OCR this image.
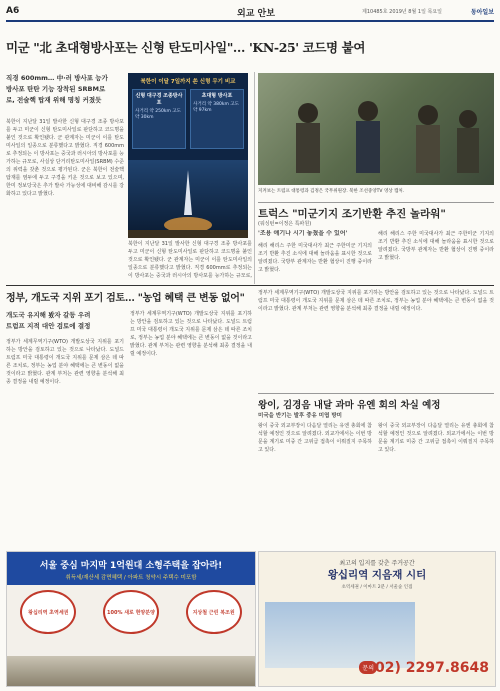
A6	외교 안보	제10485호 2019년 8월 1일 목요일	동아일보
미군 "北 초대형방사포는 신형 탄도미사일"… 'KN-25' 코드명 붙여
직경 600mm… 中·러 방사포 능가
방사포 탄탄 기능 장착된 SRBM로
로, 전술핵 탑재 위해 명칭 커졌듯
북한이 지난달 31일 발사한 신형 대구경 조종 방사포를 두고 미군이 신형 탄도미사일로 판단하고 코드명을 붙인 것으로 확인됐다. 군 관계자는 미군이 이를 탄도미사일의 일종으로 분류했다고 밝혔다. 직경 600mm로 추정되는 이 방사포는 중국과 러시아의 방사포를 능가하는 규모로, 사실상 단거리탄도미사일(SRBM) 수준의 위력을 갖춘 것으로 평가된다. 군은 북한이 전술핵 탑재를 염두에 두고 구경을 키운 것으로 보고 있으며, 한미 정보당국은 추가 발사 가능성에 대비해 감시를 강화하고 있다고 밝혔다.
북한이 지난달 31일 발사한 신형 대구경 조종 방사포를 두고 미군이 신형 탄도미사일로 판단하고 코드명을 붙인 것으로 확인됐다. 군 관계자는 미군이 이를 탄도미사일의 일종으로 분류했다고 밝혔다. 직경 600mm로 추정되는 이 방사포는 중국과 러시아의 방사포를 능가하는 규모로,
북한이 이달 7일까지 쏜 신형 무기 비교
신형 대구경 조종방사포
사거리 약 250km 고도 약 30km
초대형 방사포
사거리 약 380km 고도 약 97km
지켜보는 트럼프 대통령과 김정은 국무위원장. 북한 조선중앙TV 영상 캡처.
트럭스 "미군기지 조기반환 추진 놀라워"
(워싱턴=이정은 특파원)
'조용 얘기나 시기 놓쳤을 수 있어'
해리 해리스 주한 미국대사가 최근 주한미군 기지의 조기 반환 추진 소식에 대해 놀라움을 표시한 것으로 알려졌다. 국방부 관계자는 반환 협상이 진행 중이라고 밝혔다.
해리 해리스 주한 미국대사가 최근 주한미군 기지의 조기 반환 추진 소식에 대해 놀라움을 표시한 것으로 알려졌다. 국방부 관계자는 반환 협상이 진행 중이라고 밝혔다.
정부, 개도국 지위 포기 검토… "농업 혜택 큰 변동 없어"
개도국 유지해 봤자 갈등 우려
트럼프 지적 대안 검토에 결정
정부가 세계무역기구(WTO) 개발도상국 지위를 포기하는 방안을 검토하고 있는 것으로 나타났다. 도널드 트럼프 미국 대통령이 개도국 지위를 문제 삼은 데 따른 조치로, 정부는 농업 분야 혜택에는 큰 변동이 없을 것이라고 밝혔다. 관계 부처는 관련 영향을 분석해 최종 결정을 내릴 예정이다.
정부가 세계무역기구(WTO) 개발도상국 지위를 포기하는 방안을 검토하고 있는 것으로 나타났다. 도널드 트럼프 미국 대통령이 개도국 지위를 문제 삼은 데 따른 조치로, 정부는 농업 분야 혜택에는 큰 변동이 없을 것이라고 밝혔다. 관계 부처는 관련 영향을 분석해 최종 결정을 내릴 예정이다.
정부가 세계무역기구(WTO) 개발도상국 지위를 포기하는 방안을 검토하고 있는 것으로 나타났다. 도널드 트럼프 미국 대통령이 개도국 지위를 문제 삼은 데 따른 조치로, 정부는 농업 분야 혜택에는 큰 변동이 없을 것이라고 밝혔다. 관계 부처는 관련 영향을 분석해 최종 결정을 내릴 예정이다.
왕이, 김경음 내달 과마 유엔 회의 차실 예정
미국을 반기는 발후 중유 미엽 방미
왕이 중국 외교부장이 다음달 열리는 유엔 총회에 참석할 예정인 것으로 알려졌다. 외교가에서는 이번 방문을 계기로 미중 간 고위급 접촉이 이뤄질지 주목하고 있다.
왕이 중국 외교부장이 다음달 열리는 유엔 총회에 참석할 예정인 것으로 알려졌다. 외교가에서는 이번 방문을 계기로 미중 간 고위급 접촉이 이뤄질지 주목하고 있다.
서울 중심 마지막 1억원대 소형주택을 잡아라!
취득세/재산세 감면혜택 / 아파트 청약시 주택수 미포함
왕십리역 초역세권	100% 새로 현양분양	지상철 근린 복조원
최고의 입지를 갖춘 주거공간
왕십리역 지음재 시티
초역세권 / 이마트 2분 / 서울숲 인접
문의 02) 2297.8648
